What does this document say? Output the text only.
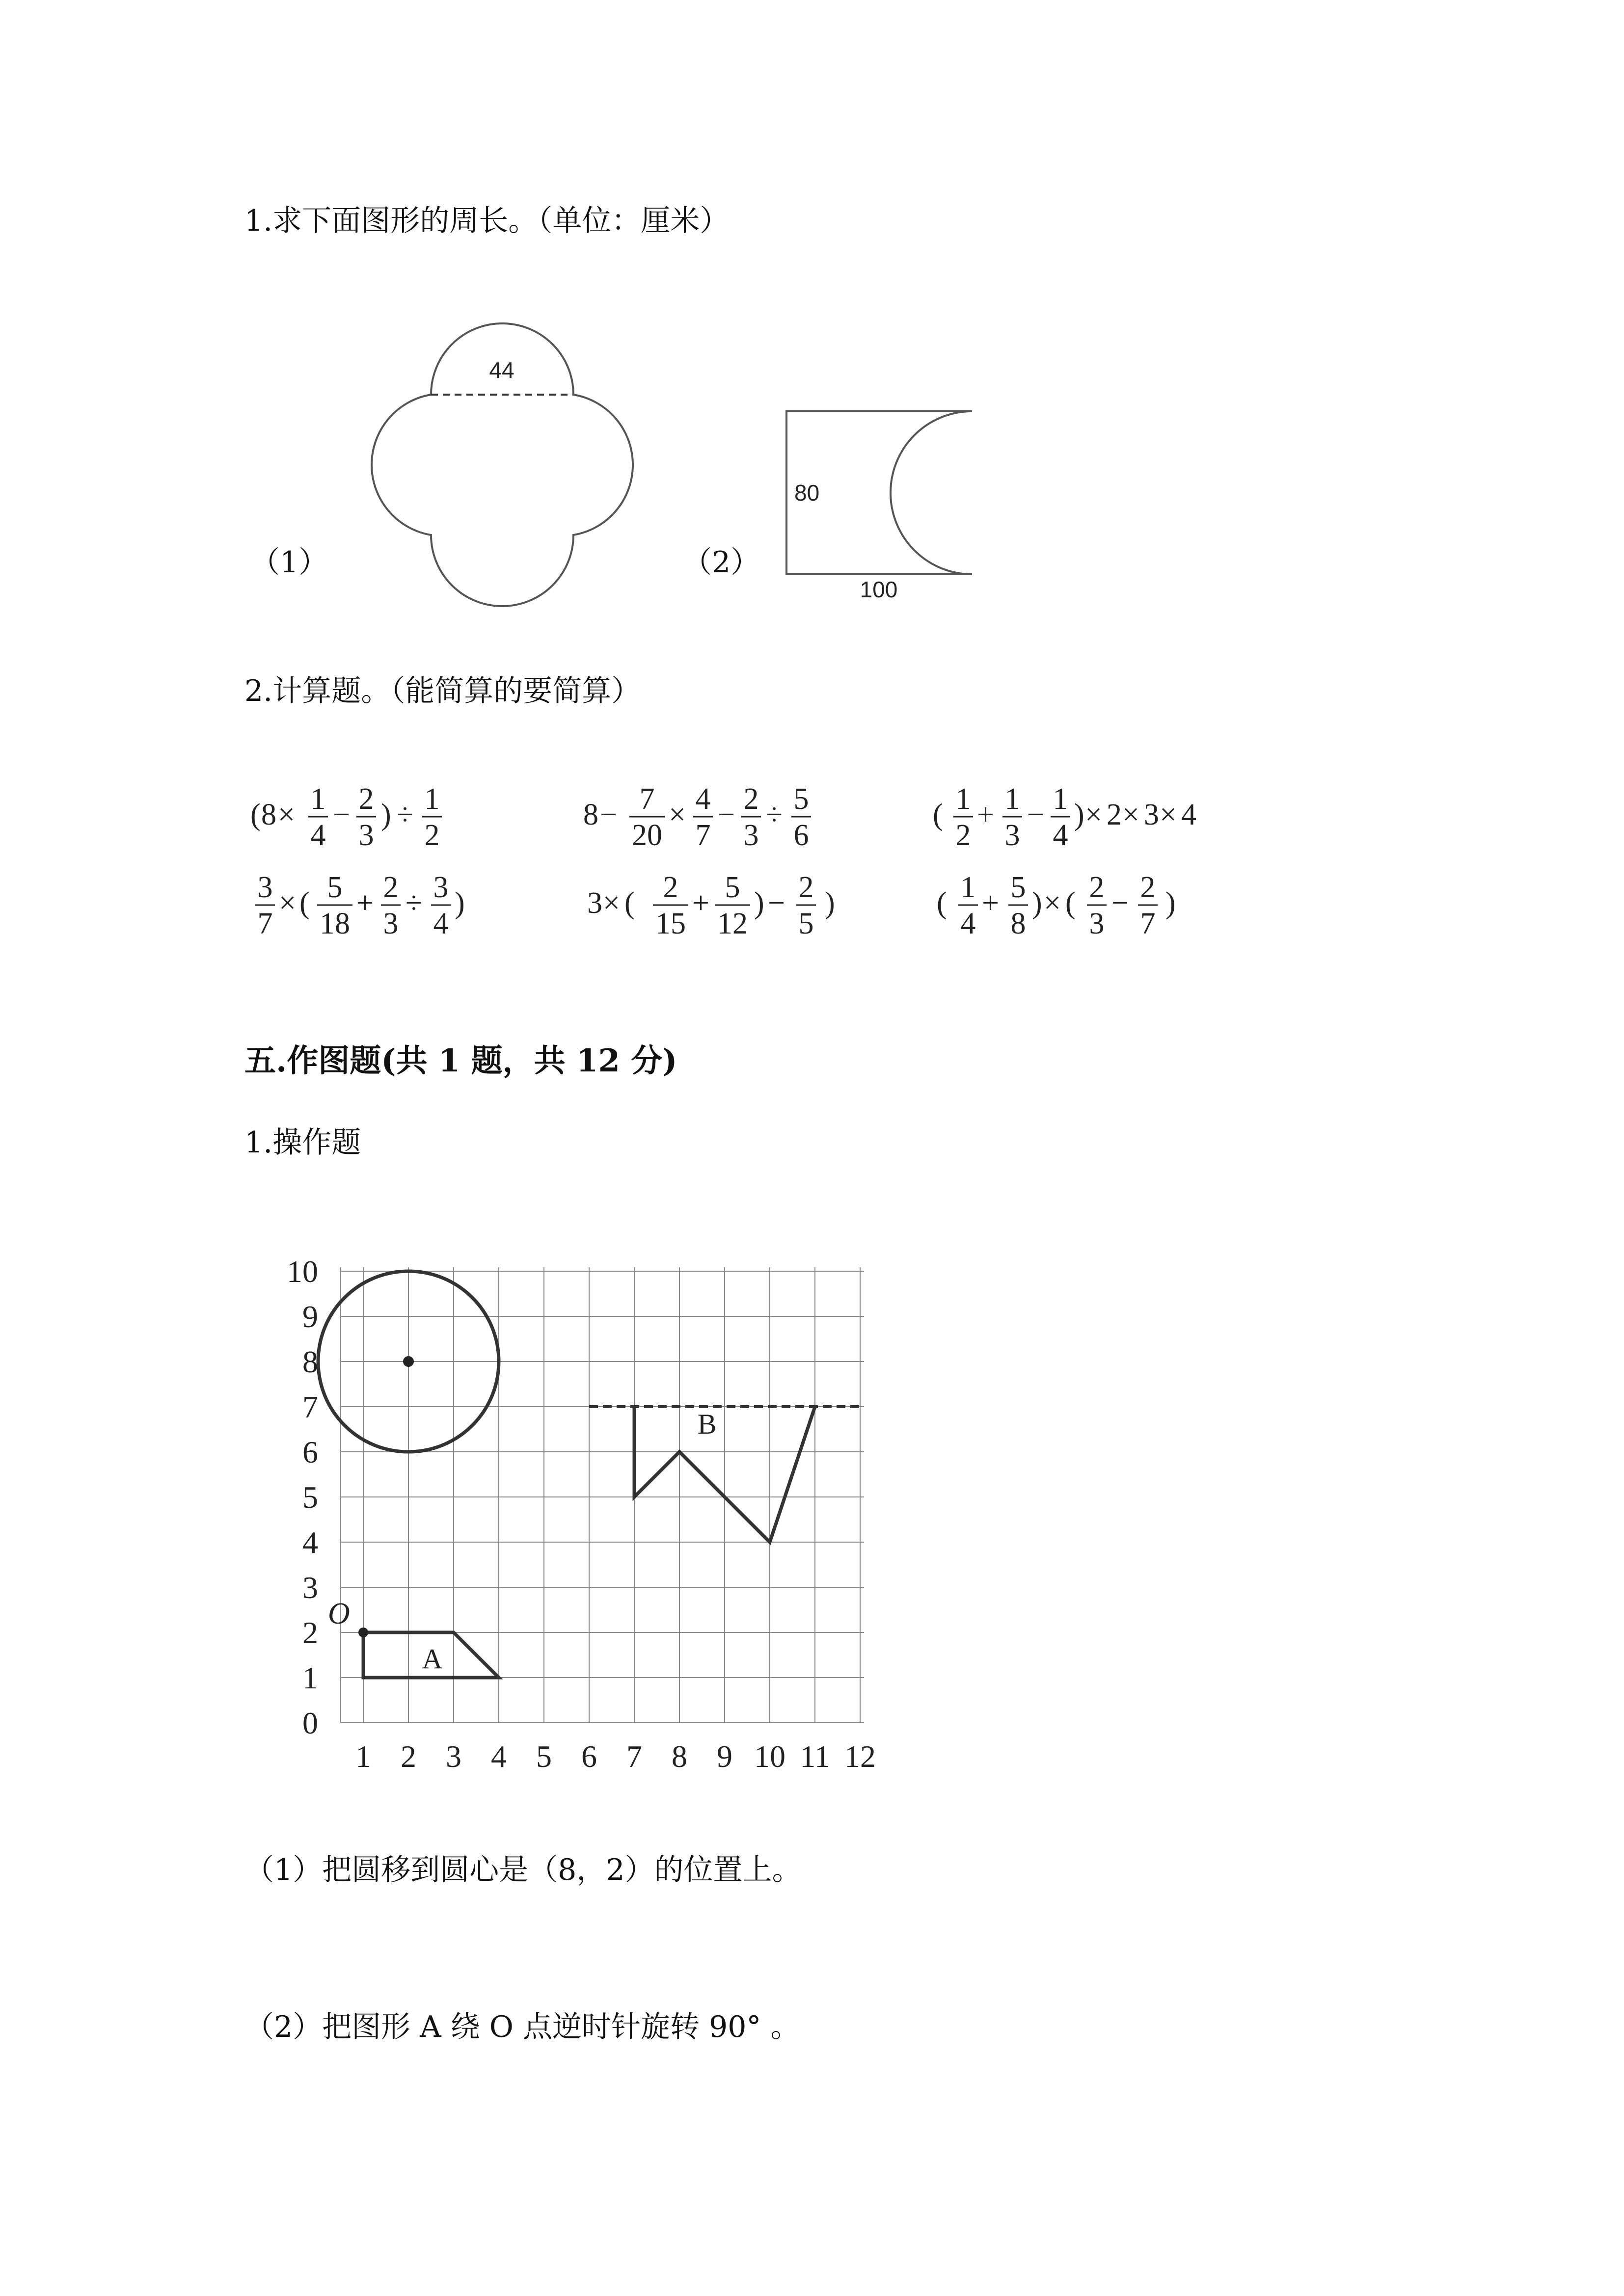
1.求下面图形的周长。（单位：厘米）
（1）	（2）
44
80
100
2.计算题。（能简算的要简算）
( 8 × 1
4
− 2
3
) ÷ 1
2
8 − 7
20
× 4
7
− 2
3
÷ 5
6
( 1
2
+ 1
3
− 1
4
) × 2 × 3 × 4
3
7
× ( 5
18
+ 2
3
÷ 3
4
)	3 × ( 2
15
+ 5
12
) − 2
5
)	( 1
4
+ 5
8
) × ( 2
3
− 2
7
)
五.作图题(共 1 题，共 12 分)
1.操作题
1 2 3 4 5 6 7 8 9 10 11 12
0
1
2
3
4
5
6
7
8
9
10
O
A
B
（1）把圆移到圆心是（8，2）的位置上。
（2）把图形 A 绕 O 点逆时针旋转 90° 。
